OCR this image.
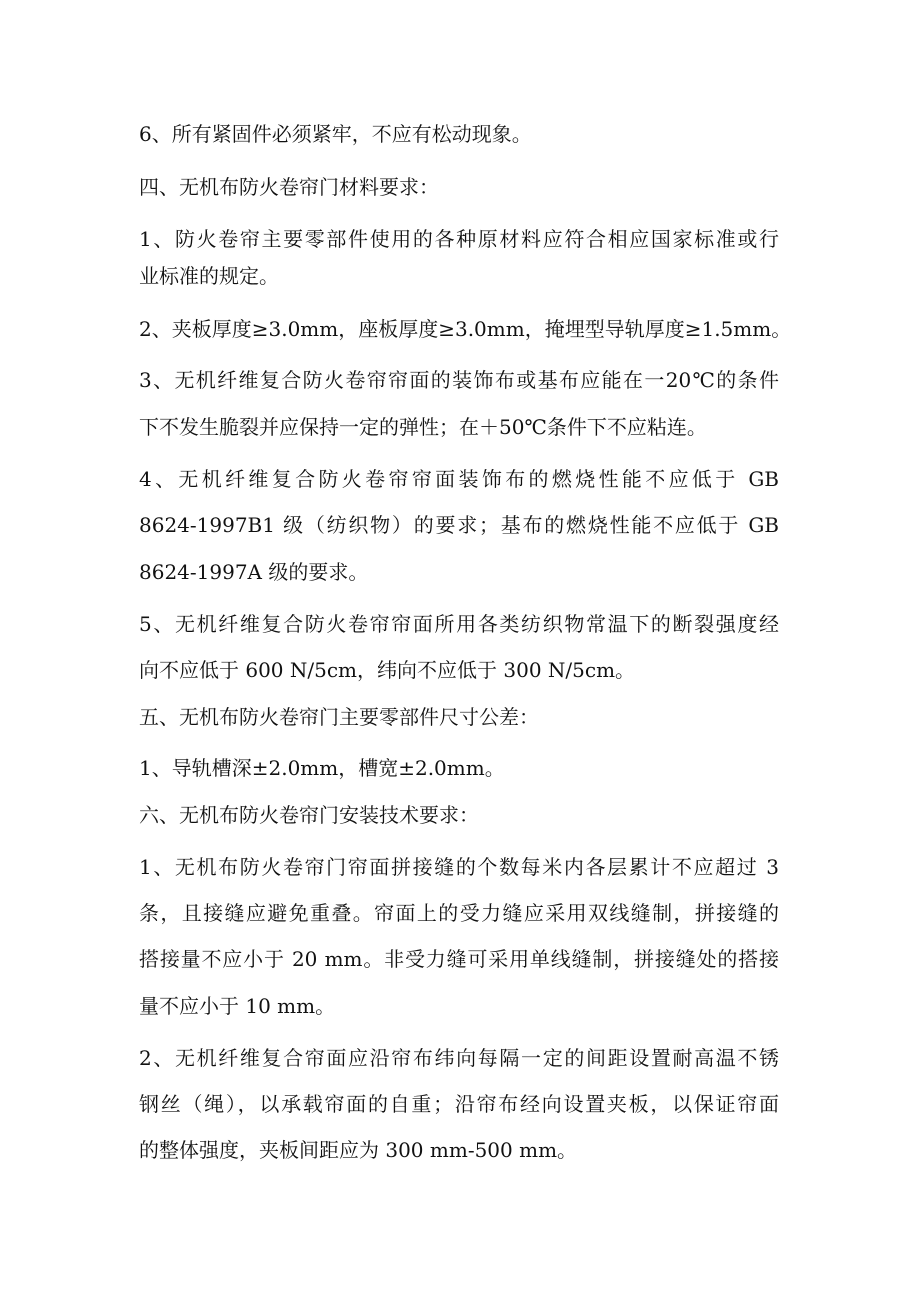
6、所有紧固件必须紧牢，不应有松动现象。
四、无机布防火卷帘门材料要求：
1、防火卷帘主要零部件使用的各种原材料应符合相应国家标准或行
业标准的规定。
2、夹板厚度≥3.0mm，座板厚度≥3.0mm，掩埋型导轨厚度≥1.5mm。
3、无机纤维复合防火卷帘帘面的装饰布或基布应能在一20℃的条件
下不发生脆裂并应保持一定的弹性；在＋50℃条件下不应粘连。
4、无机纤维复合防火卷帘帘面装饰布的燃烧性能不应低于 GB
8624-1997B1 级（纺织物）的要求；基布的燃烧性能不应低于 GB
8624-1997A 级的要求。
5、无机纤维复合防火卷帘帘面所用各类纺织物常温下的断裂强度经
向不应低于 600 N/5cm，纬向不应低于 300 N/5cm。
五、无机布防火卷帘门主要零部件尺寸公差：
1、导轨槽深±2.0mm，槽宽±2.0mm。
六、无机布防火卷帘门安装技术要求：
1、无机布防火卷帘门帘面拼接缝的个数每米内各层累计不应超过 3
条，且接缝应避免重叠。帘面上的受力缝应采用双线缝制，拼接缝的
搭接量不应小于 20 mm。非受力缝可采用单线缝制，拼接缝处的搭接
量不应小于 10 mm。
2、无机纤维复合帘面应沿帘布纬向每隔一定的间距设置耐高温不锈
钢丝（绳），以承载帘面的自重；沿帘布经向设置夹板，以保证帘面
的整体强度，夹板间距应为 300 mm-500 mm。
